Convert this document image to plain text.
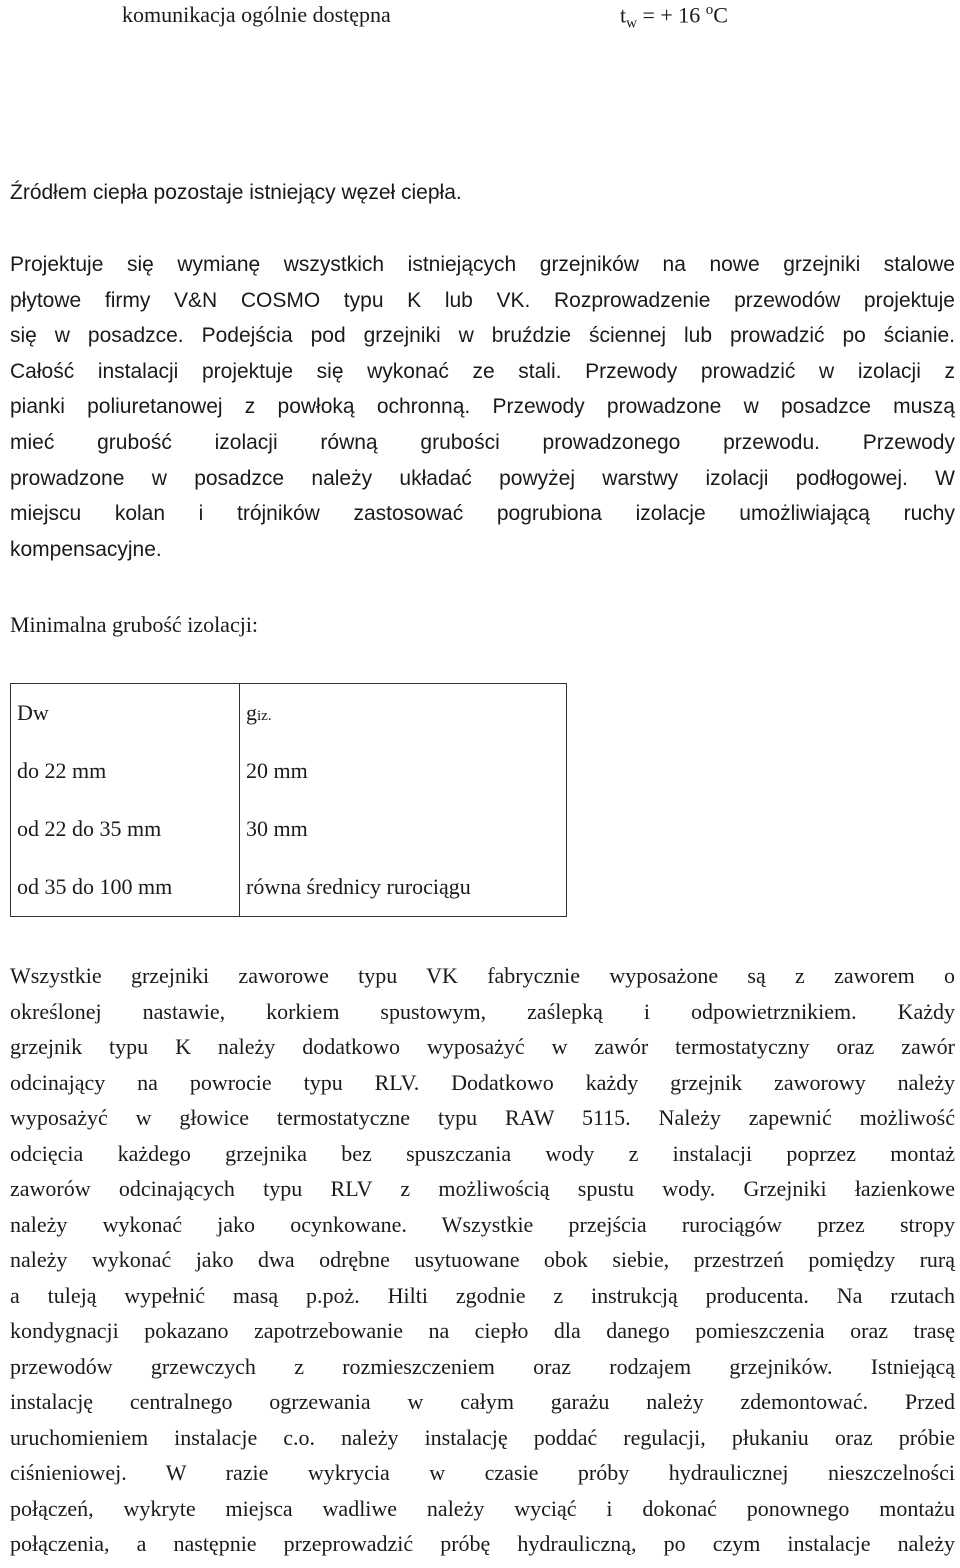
komunikacja ogólnie dostępna	$t_w$ = + 16 $^o$C
Źródłem ciepła pozostaje istniejący węzeł ciepła.
Projektuje się wymianę wszystkich istniejących grzejników na nowe grzejniki stalowe
płytowe firmy V&N COSMO typu K lub VK. Rozprowadzenie przewodów projektuje
się w posadzce. Podejścia pod grzejniki w bruździe ściennej lub prowadzić po ścianie.
Całość instalacji projektuje się wykonać ze stali. Przewody prowadzić w izolacji z
pianki poliuretanowej z powłoką ochronną. Przewody prowadzone w posadzce muszą
mieć grubość izolacji równą grubości prowadzonego przewodu. Przewody
prowadzone w posadzce należy układać powyżej warstwy izolacji podłogowej. W
miejscu kolan i trójników zastosować pogrubiona izolacje umożliwiającą ruchy
kompensacyjne.
Minimalna grubość izolacji:
Dw	giz.
do 22 mm	20 mm
od 22 do 35 mm	30 mm
od 35 do 100 mm	równa średnicy rurociągu
Wszystkie grzejniki zaworowe typu VK fabrycznie wyposażone są z zaworem o
określonej nastawie, korkiem spustowym, zaślepką i odpowietrznikiem. Każdy
grzejnik typu K należy dodatkowo wyposażyć w zawór termostatyczny oraz zawór
odcinający na powrocie typu RLV. Dodatkowo każdy grzejnik zaworowy należy
wyposażyć w głowice termostatyczne typu RAW 5115. Należy zapewnić możliwość
odcięcia każdego grzejnika bez spuszczania wody z instalacji poprzez montaż
zaworów odcinających typu RLV z możliwością spustu wody. Grzejniki łazienkowe
należy wykonać jako ocynkowane. Wszystkie przejścia rurociągów przez stropy
należy wykonać jako dwa odrębne usytuowane obok siebie, przestrzeń pomiędzy rurą
a tuleją wypełnić masą p.poż. Hilti zgodnie z instrukcją producenta. Na rzutach
kondygnacji pokazano zapotrzebowanie na ciepło dla danego pomieszczenia oraz trasę
przewodów grzewczych z rozmieszczeniem oraz rodzajem grzejników. Istniejącą
instalację centralnego ogrzewania w całym garażu należy zdemontować. Przed
uruchomieniem instalacje c.o. należy instalację poddać regulacji, płukaniu oraz próbie
ciśnieniowej. W razie wykrycia w czasie próby hydraulicznej nieszczelności
połączeń, wykryte miejsca wadliwe należy wyciąć i dokonać ponownego montażu
połączenia, a następnie przeprowadzić próbę hydrauliczną, po czym instalacje należy
